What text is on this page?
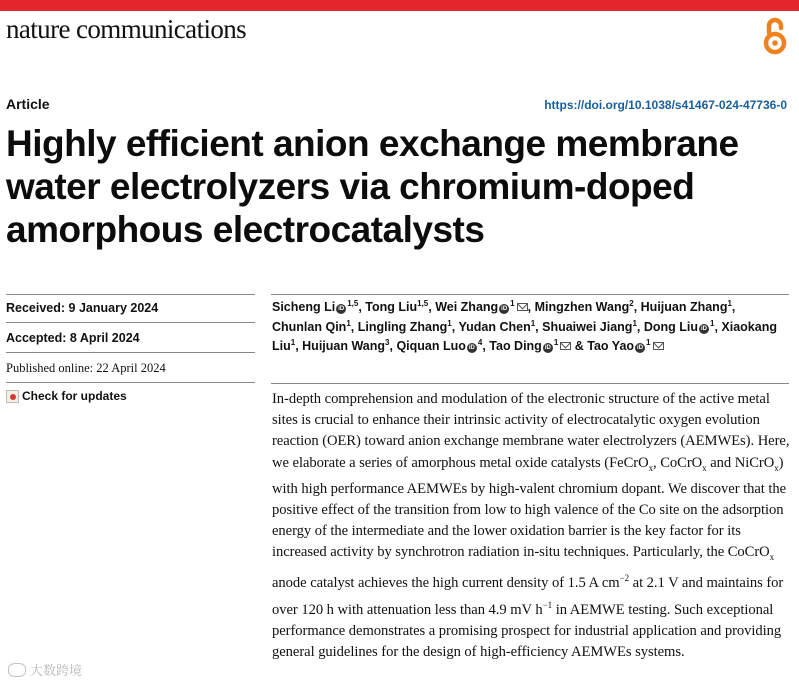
nature communications
Article	https://doi.org/10.1038/s41467-024-47736-0
Highly efficient anion exchange membrane water electrolyzers via chromium-doped amorphous electrocatalysts
Received: 9 January 2024
Accepted: 8 April 2024
Published online: 22 April 2024
Check for updates
Sicheng Li iD$^{1,5}$, Tong Liu$^{1,5}$, Wei Zhang $iD^1$ , Mingzhen Wang$^2$, Huijuan Zhang$^1$, Chunlan Qin$^1$, Lingling Zhang$^1$, Yudan Chen$^1$, Shuaiwei Jiang$^1$, Dong Liu $iD^1$, Xiaokang Liu$^1$, Huijuan Wang$^3$, Qiquan Luo $iD^4$, Tao Ding $iD^1$ & Tao Yao $iD^1$
In-depth comprehension and modulation of the electronic structure of the active metal sites is crucial to enhance their intrinsic activity of electrocatalytic oxygen evolution reaction (OER) toward anion exchange membrane water electrolyzers (AEMWEs). Here, we elaborate a series of amorphous metal oxide catalysts (FeCrO$_x$, CoCrO$_x$ and NiCrO$_x$) with high performance AEMWEs by high-valent chromium dopant. We discover that the positive effect of the transition from low to high valence of the Co site on the adsorption energy of the intermediate and the lower oxidation barrier is the key factor for its increased activity by synchrotron radiation in-situ techniques. Particularly, the CoCrO$_x$ anode catalyst achieves the high current density of 1.5 A $cm^{-2}$ at 2.1 V and maintains for over 120 h with attenuation less than 4.9 mV $h^{-1}$ in AEMWE testing. Such exceptional performance demonstrates a promising prospect for industrial application and providing general guidelines for the design of high-efficiency AEMWEs systems.
大数跨境
